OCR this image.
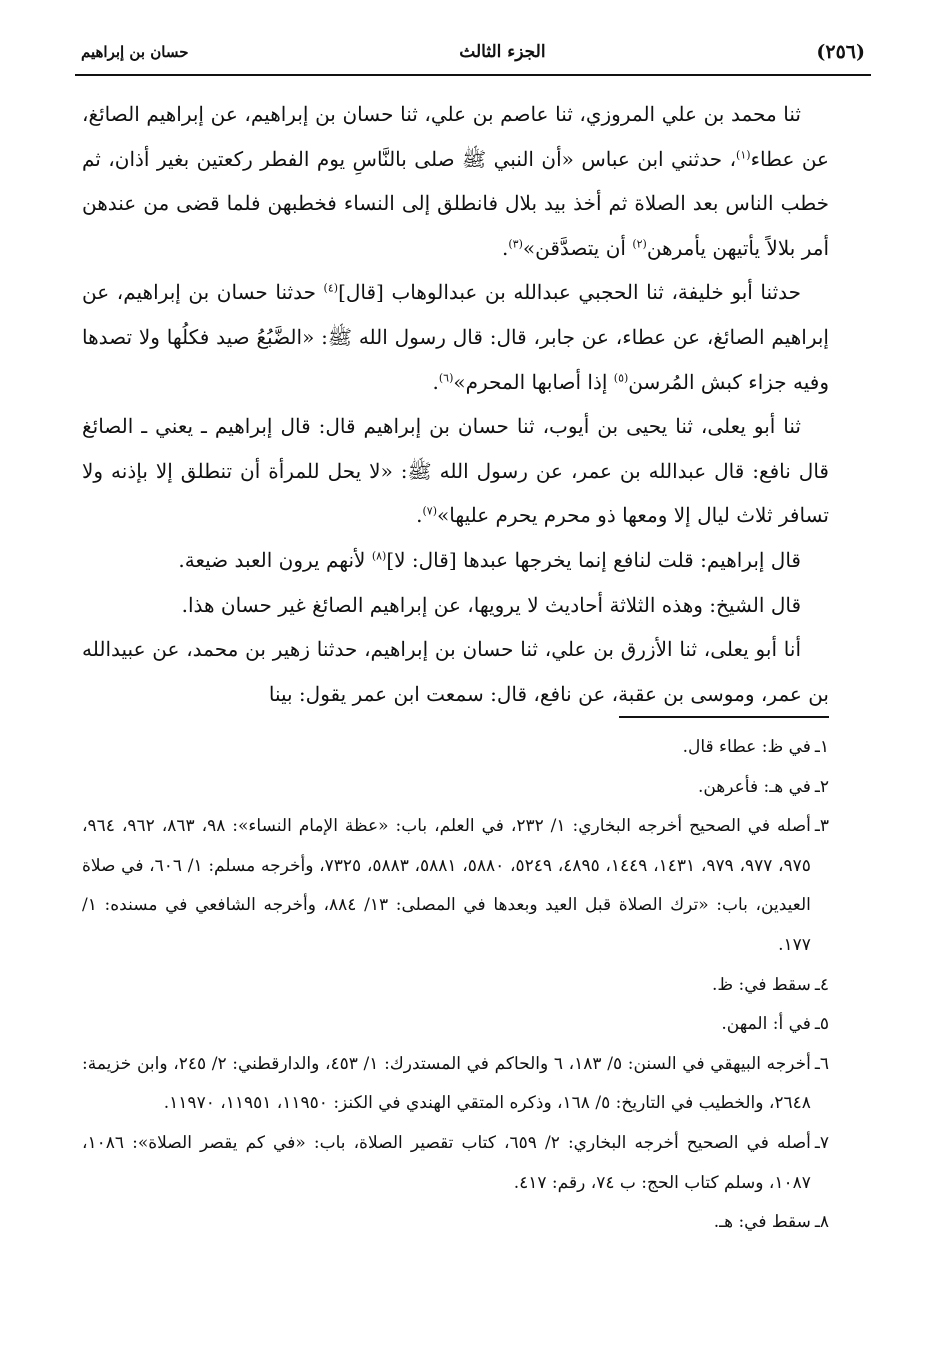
(٢٥٦)
الجزء الثالث
حسان بن إبراهيم

ثنا محمد بن علي المروزي، ثنا عاصم بن علي، ثنا حسان بن إبراهيم، عن إبراهيم الصائغ، عن عطاء$^{(١)}$، حدثني ابن عباس «أن النبي ﷺ صلى بالنَّاسِ يوم الفطر ركعتين بغير أذان، ثم خطب الناس بعد الصلاة ثم أخذ بيد بلال فانطلق إلى النساء فخطبهن فلما قضى من عندهن أمر بلالاً يأتيهن يأمرهن$^{(٢)}$ أن يتصدَّقن»$^{(٣)}$.

حدثنا أبو خليفة، ثنا الحجبي عبدالله بن عبدالوهاب [قال]$^{(٤)}$ حدثنا حسان بن إبراهيم، عن إبراهيم الصائغ، عن عطاء، عن جابر، قال: قال رسول الله ﷺ: «الضَّبُعُ صيد فكلُها ولا تصدها وفيه جزاء كبش المُرسن$^{(٥)}$ إذا أصابها المحرم»$^{(٦)}$.

ثنا أبو يعلى، ثنا يحيى بن أيوب، ثنا حسان بن إبراهيم قال: قال إبراهيم ـ يعني ـ الصائغ قال نافع: قال عبدالله بن عمر، عن رسول الله ﷺ: «لا يحل للمرأة أن تنطلق إلا بإذنه ولا تسافر ثلاث ليال إلا ومعها ذو محرم يحرم عليها»$^{(٧)}$.

قال إبراهيم: قلت لنافع إنما يخرجها عبدها [قال: لا]$^{(٨)}$ لأنهم يرون العبد ضيعة.

قال الشيخ: وهذه الثلاثة أحاديث لا يرويها، عن إبراهيم الصائغ غير حسان هذا.

أنا أبو يعلى، ثنا الأزرق بن علي، ثنا حسان بن إبراهيم، حدثنا زهير بن محمد، عن عبيدالله بن عمر، وموسى بن عقبة، عن نافع، قال: سمعت ابن عمر يقول: بينا

١ـ
في ظ: عطاء قال.
٢ـ
في هـ: فأعرهن.
٣ـ
أصله في الصحيح أخرجه البخاري: ١/ ٢٣٢، في العلم، باب: «عظة الإمام النساء»: ٩٨، ٨٦٣، ٩٦٢، ٩٦٤، ٩٧٥، ٩٧٧، ٩٧٩، ١٤٣١، ١٤٤٩، ٤٨٩٥، ٥٢٤٩، ٥٨٨٠، ٥٨٨١، ٥٨٨٣، ٧٣٢٥، وأخرجه مسلم: ١/ ٦٠٦، في صلاة العيدين، باب: «ترك الصلاة قبل العيد وبعدها في المصلى: ١٣/ ٨٨٤، وأخرجه الشافعي في مسنده: ١/ ١٧٧.
٤ـ
سقط في: ظ.
٥ـ
في أ: المهن.
٦ـ
أخرجه البيهقي في السنن: ٥/ ١٨٣، ٦ والحاكم في المستدرك: ١/ ٤٥٣، والدارقطني: ٢/ ٢٤٥، وابن خزيمة: ٢٦٤٨، والخطيب في التاريخ: ٥/ ١٦٨، وذكره المتقي الهندي في الكنز: ١١٩٥٠، ١١٩٥١، ١١٩٧٠.
٧ـ
أصله في الصحيح أخرجه البخاري: ٢/ ٦٥٩، كتاب تقصير الصلاة، باب: «في كم يقصر الصلاة»: ١٠٨٦، ١٠٨٧، وسلم كتاب الحج: ب ٧٤، رقم: ٤١٧.
٨ـ
سقط في: هـ.
